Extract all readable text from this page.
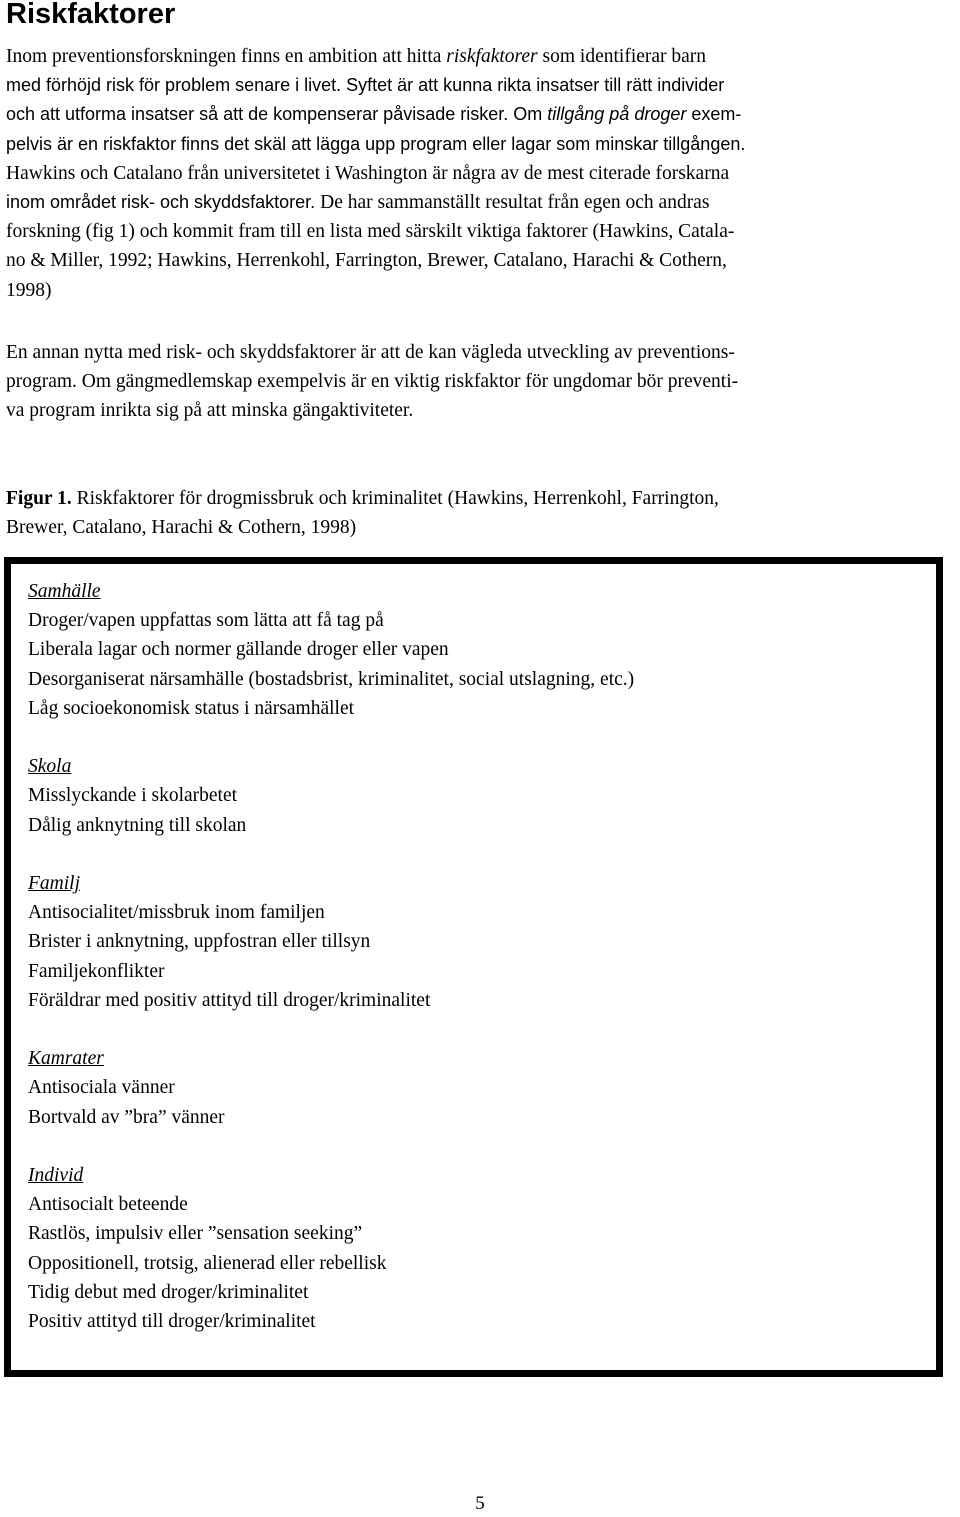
Riskfaktorer
Inom preventionsforskningen finns en ambition att hitta riskfaktorer som identifierar barn
med förhöjd risk för problem senare i livet. Syftet är att kunna rikta insatser till rätt individer
och att utforma insatser så att de kompenserar påvisade risker. Om tillgång på droger exem-
pelvis är en riskfaktor finns det skäl att lägga upp program eller lagar som minskar tillgången.
Hawkins och Catalano från universitetet i Washington är några av de mest citerade forskarna
inom området risk- och skyddsfaktorer. De har sammanställt resultat från egen och andras
forskning (fig 1) och kommit fram till en lista med särskilt viktiga faktorer (Hawkins, Catala-
no & Miller, 1992; Hawkins, Herrenkohl, Farrington, Brewer, Catalano, Harachi & Cothern,
1998)
En annan nytta med risk- och skyddsfaktorer är att de kan vägleda utveckling av preventions-
program. Om gängmedlemskap exempelvis är en viktig riskfaktor för ungdomar bör preventi-
va program inrikta sig på att minska gängaktiviteter.
Figur 1. Riskfaktorer för drogmissbruk och kriminalitet (Hawkins, Herrenkohl, Farrington,
Brewer, Catalano, Harachi & Cothern, 1998)
Samhälle
Droger/vapen uppfattas som lätta att få tag på
Liberala lagar och normer gällande droger eller vapen
Desorganiserat närsamhälle (bostadsbrist, kriminalitet, social utslagning, etc.)
Låg socioekonomisk status i närsamhället
Skola
Misslyckande i skolarbetet
Dålig anknytning till skolan
Familj
Antisocialitet/missbruk inom familjen
Brister i anknytning, uppfostran eller tillsyn
Familjekonflikter
Föräldrar med positiv attityd till droger/kriminalitet
Kamrater
Antisociala vänner
Bortvald av ”bra” vänner
Individ
Antisocialt beteende
Rastlös, impulsiv eller ”sensation seeking”
Oppositionell, trotsig, alienerad eller rebellisk
Tidig debut med droger/kriminalitet
Positiv attityd till droger/kriminalitet
5
